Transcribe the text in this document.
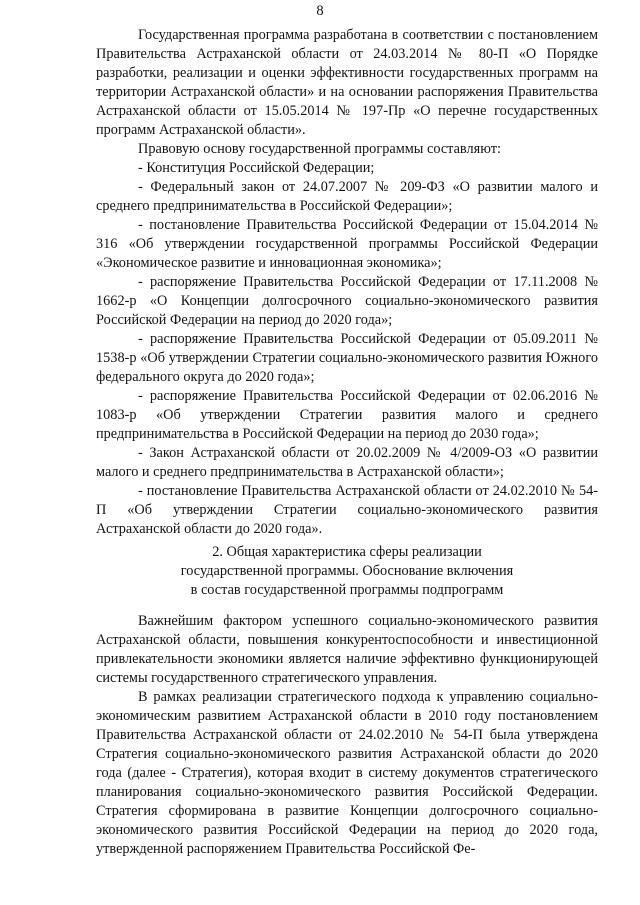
8

Государственная программа разработана в соответствии с постановлением Правительства Астраханской области от 24.03.2014 № 80-П «О Порядке разработки, реализации и оценки эффективности государственных программ на территории Астраханской области» и на основании распоряжения Правительства Астраханской области от 15.05.2014 № 197-Пр «О перечне государственных программ Астраханской области».

Правовую основу государственной программы составляют:

- Конституция Российской Федерации;

- Федеральный закон от 24.07.2007 № 209-ФЗ «О развитии малого и среднего предпринимательства в Российской Федерации»;

- постановление Правительства Российской Федерации от 15.04.2014 № 316 «Об утверждении государственной программы Российской Федерации «Экономическое развитие и инновационная экономика»;

- распоряжение Правительства Российской Федерации от 17.11.2008 № 1662-р «О Концепции долгосрочного социально-экономического развития Российской Федерации на период до 2020 года»;

- распоряжение Правительства Российской Федерации от 05.09.2011 № 1538-р «Об утверждении Стратегии социально-экономического развития Южного федерального округа до 2020 года»;

- распоряжение Правительства Российской Федерации от 02.06.2016 № 1083-р «Об утверждении Стратегии развития малого и среднего предпринимательства в Российской Федерации на период до 2030 года»;

- Закон Астраханской области от 20.02.2009 № 4/2009-ОЗ «О развитии малого и среднего предпринимательства в Астраханской области»;

- постановление Правительства Астраханской области от 24.02.2010 № 54-П «Об утверждении Стратегии социально-экономического развития Астраханской области до 2020 года».

2. Общая характеристика сферы реализации
государственной программы. Обоснование включения
в состав государственной программы подпрограмм

Важнейшим фактором успешного социально-экономического развития Астраханской области, повышения конкурентоспособности и инвестиционной привлекательности экономики является наличие эффективно функционирующей системы государственного стратегического управления.

В рамках реализации стратегического подхода к управлению социально-экономическим развитием Астраханской области в 2010 году постановлением Правительства Астраханской области от 24.02.2010 № 54-П была утверждена Стратегия социально-экономического развития Астраханской области до 2020 года (далее - Стратегия), которая входит в систему документов стратегического планирования социально-экономического развития Российской Федерации. Стратегия сформирована в развитие Концепции долгосрочного социально-экономического развития Российской Федерации на период до 2020 года, утвержденной распоряжением Правительства Российской Фе-
